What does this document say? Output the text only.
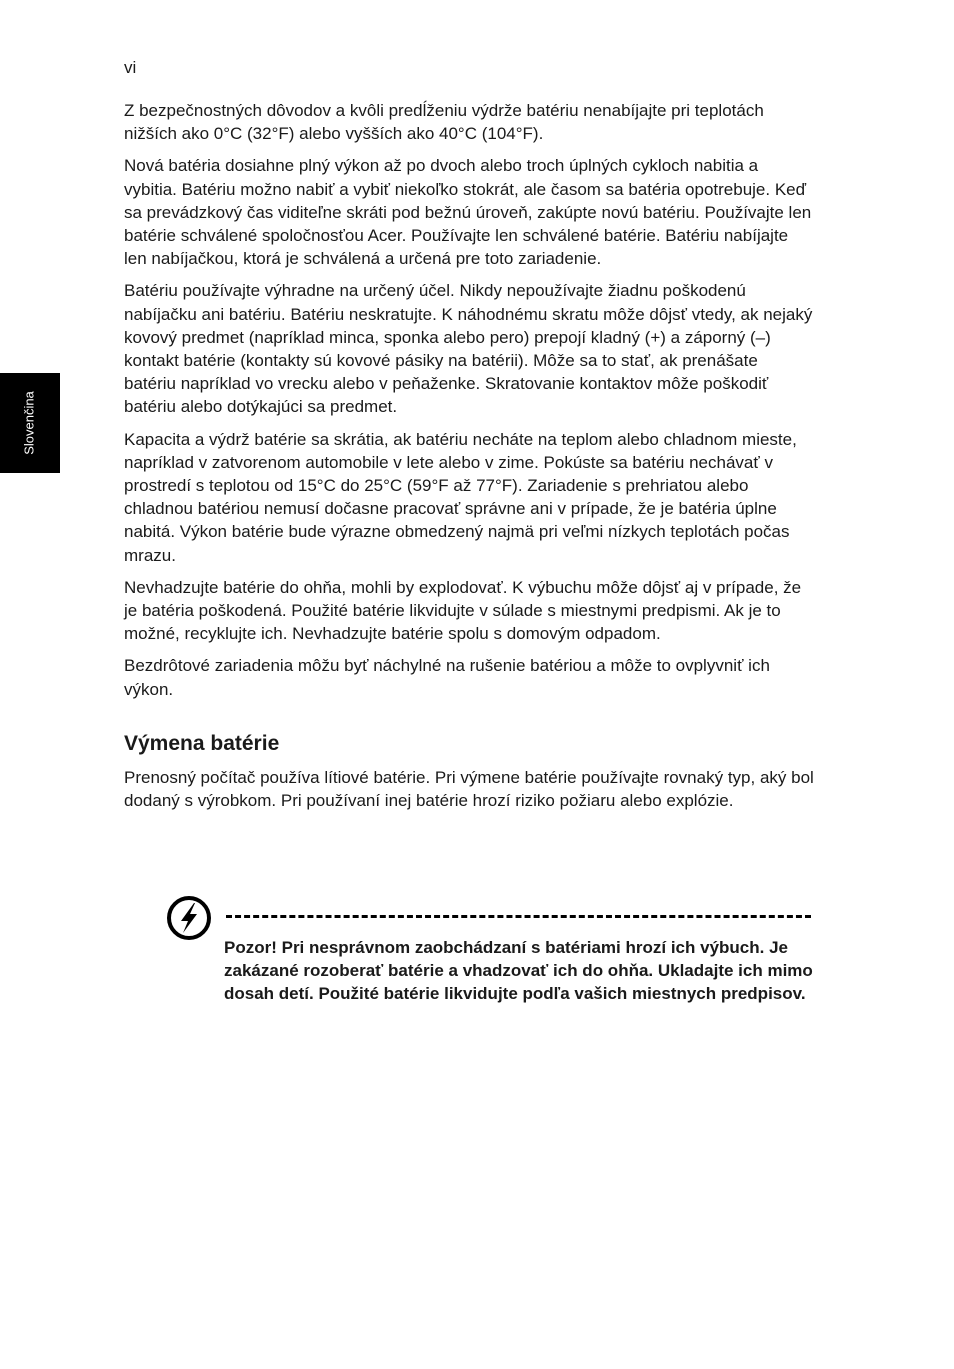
vi
Slovenčina

Z bezpečnostných dôvodov a kvôli predĺženiu výdrže batériu nenabíjajte pri teplotách nižších ako 0°C (32°F) alebo vyšších ako 40°C (104°F).

Nová batéria dosiahne plný výkon až po dvoch alebo troch úplných cykloch nabitia a vybitia. Batériu možno nabiť a vybiť niekoľko stokrát, ale časom sa batéria opotrebuje. Keď sa prevádzkový čas viditeľne skráti pod bežnú úroveň, zakúpte novú batériu. Používajte len batérie schválené spoločnosťou Acer. Používajte len schválené batérie. Batériu nabíjajte len nabíjačkou, ktorá je schválená a určená pre toto zariadenie.

Batériu používajte výhradne na určený účel. Nikdy nepoužívajte žiadnu poškodenú nabíjačku ani batériu. Batériu neskratujte. K náhodnému skratu môže dôjsť vtedy, ak nejaký kovový predmet (napríklad minca, sponka alebo pero) prepojí kladný (+) a záporný (–) kontakt batérie (kontakty sú kovové pásiky na batérii). Môže sa to stať, ak prenášate batériu napríklad vo vrecku alebo v peňaženke. Skratovanie kontaktov môže poškodiť batériu alebo dotýkajúci sa predmet.

Kapacita a výdrž batérie sa skrátia, ak batériu necháte na teplom alebo chladnom mieste, napríklad v zatvorenom automobile v lete alebo v zime. Pokúste sa batériu nechávať v prostredí s teplotou od 15°C do 25°C (59°F až 77°F). Zariadenie s prehriatou alebo chladnou batériou nemusí dočasne pracovať správne ani v prípade, že je batéria úplne nabitá. Výkon batérie bude výrazne obmedzený najmä pri veľmi nízkych teplotách počas mrazu.

Nevhadzujte batérie do ohňa, mohli by explodovať. K výbuchu môže dôjsť aj v prípade, že je batéria poškodená. Použité batérie likvidujte v súlade s miestnymi predpismi. Ak je to možné, recyklujte ich. Nevhadzujte batérie spolu s domovým odpadom.

Bezdrôtové zariadenia môžu byť náchylné na rušenie batériou a môže to ovplyvniť ich výkon.

Výmena batérie

Prenosný počítač používa lítiové batérie. Pri výmene batérie používajte rovnaký typ, aký bol dodaný s výrobkom. Pri používaní inej batérie hrozí riziko požiaru alebo explózie.

Pozor! Pri nesprávnom zaobchádzaní s batériami hrozí ich výbuch. Je zakázané rozoberať batérie a vhadzovať ich do ohňa. Ukladajte ich mimo dosah detí. Použité batérie likvidujte podľa vašich miestnych predpisov.
